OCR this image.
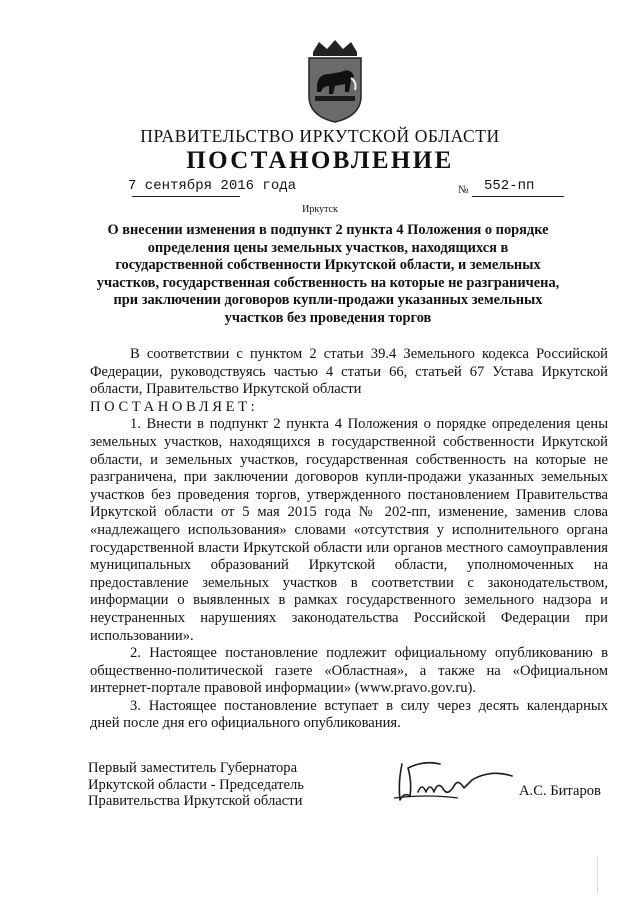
ПРАВИТЕЛЬСТВО ИРКУТСКОЙ ОБЛАСТИ
ПОСТАНОВЛЕНИЕ
7 сентября 2016 года	№ 552-пп
Иркутск
О внесении изменения в подпункт 2 пункта 4 Положения о порядке определения цены земельных участков, находящихся в государственной собственности Иркутской области, и земельных участков, государственная собственность на которые не разграничена, при заключении договоров купли-продажи указанных земельных участков без проведения торгов

В соответствии с пунктом 2 статьи 39.4 Земельного кодекса Российской Федерации, руководствуясь частью 4 статьи 66, статьей 67 Устава Иркутской области, Правительство Иркутской области

ПОСТАНОВЛЯЕТ:

1. Внести в подпункт 2 пункта 4 Положения о порядке определения цены земельных участков, находящихся в государственной собственности Иркутской области, и земельных участков, государственная собственность на которые не разграничена, при заключении договоров купли-продажи указанных земельных участков без проведения торгов, утвержденного постановлением Правительства Иркутской области от 5 мая 2015 года № 202-пп, изменение, заменив слова «надлежащего использования» словами «отсутствия у исполнительного органа государственной власти Иркутской области или органов местного самоуправления муниципальных образований Иркутской области, уполномоченных на предоставление земельных участков в соответствии с законодательством, информации о выявленных в рамках государственного земельного надзора и неустраненных нарушениях законодательства Российской Федерации при использовании».

2. Настоящее постановление подлежит официальному опубликованию в общественно-политической газете «Областная», а также на «Официальном интернет-портале правовой информации» (www.pravo.gov.ru).

3. Настоящее постановление вступает в силу через десять календарных дней после дня его официального опубликования.

Первый заместитель Губернатора
Иркутской области - Председатель
Правительства Иркутской области
А.С. Битаров
